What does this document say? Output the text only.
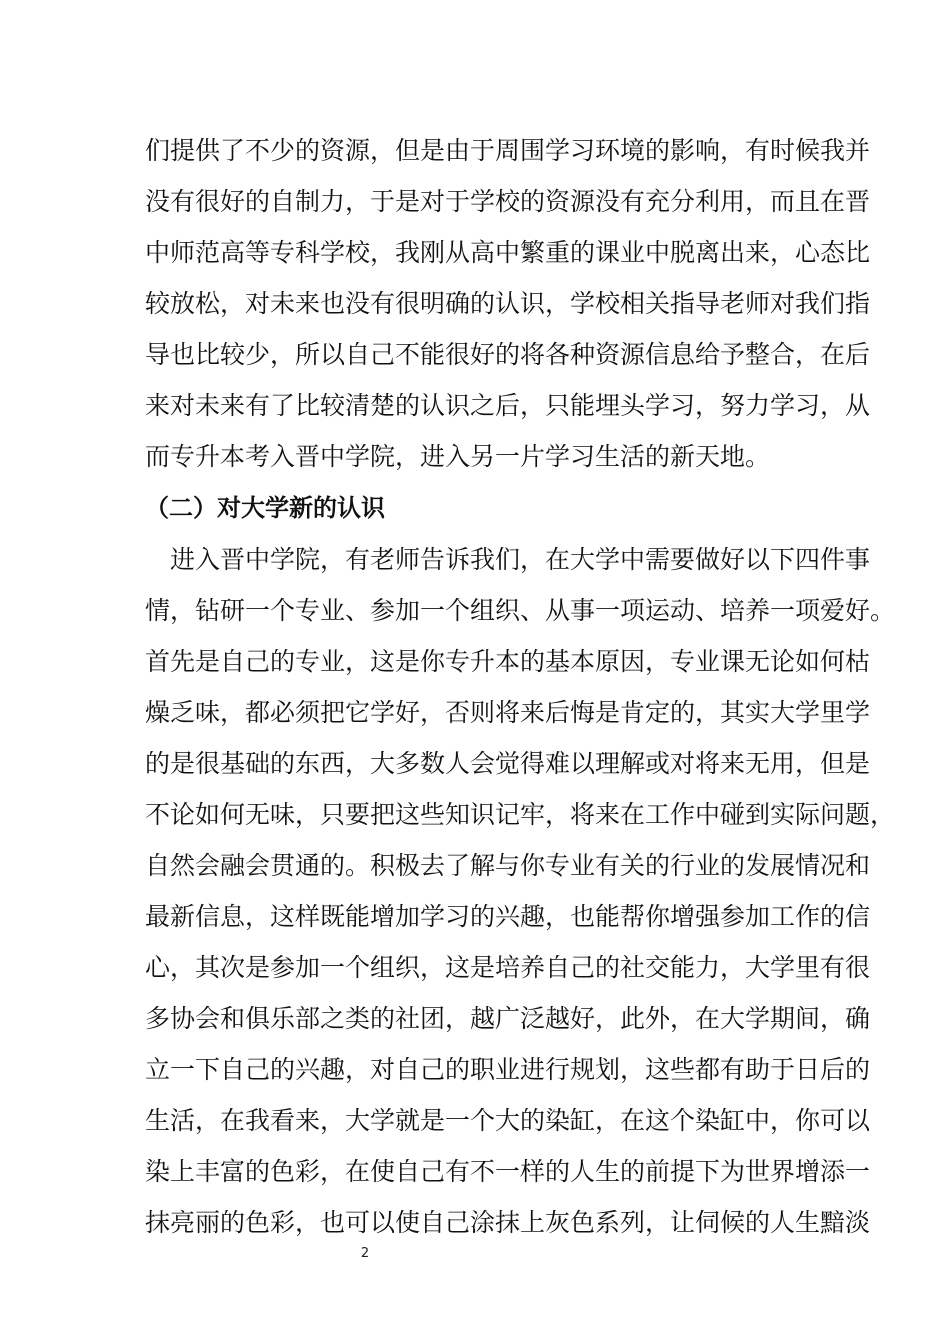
们提供了不少的资源，但是由于周围学习环境的影响，有时候我并
没有很好的自制力，于是对于学校的资源没有充分利用，而且在晋
中师范高等专科学校，我刚从高中繁重的课业中脱离出来，心态比
较放松，对未来也没有很明确的认识，学校相关指导老师对我们指
导也比较少，所以自己不能很好的将各种资源信息给予整合，在后
来对未来有了比较清楚的认识之后，只能埋头学习，努力学习，从
而专升本考入晋中学院，进入另一片学习生活的新天地。
（二）对大学新的认识
进入晋中学院，有老师告诉我们，在大学中需要做好以下四件事
情，钻研一个专业、参加一个组织、从事一项运动、培养一项爱好。
首先是自己的专业，这是你专升本的基本原因，专业课无论如何枯
燥乏味，都必须把它学好，否则将来后悔是肯定的，其实大学里学
的是很基础的东西，大多数人会觉得难以理解或对将来无用，但是
不论如何无味，只要把这些知识记牢，将来在工作中碰到实际问题，
自然会融会贯通的。积极去了解与你专业有关的行业的发展情况和
最新信息，这样既能增加学习的兴趣，也能帮你增强参加工作的信
心，其次是参加一个组织，这是培养自己的社交能力，大学里有很
多协会和俱乐部之类的社团，越广泛越好，此外，在大学期间，确
立一下自己的兴趣，对自己的职业进行规划，这些都有助于日后的
生活，在我看来，大学就是一个大的染缸，在这个染缸中，你可以
染上丰富的色彩，在使自己有不一样的人生的前提下为世界增添一
抹亮丽的色彩，也可以使自己涂抹上灰色系列，让伺候的人生黯淡
2
